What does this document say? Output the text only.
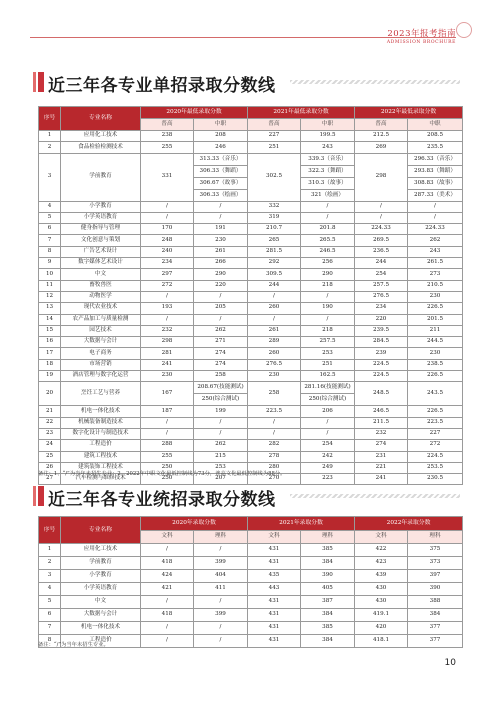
2023年报考指南
ADMISSION BROCHURE
近三年各专业单招录取分数线
序号	专业名称	2020年最低录取分数		2021年最低录取分数		2022年最低录取分数	
		普高	中职	普高	中职	普高	中职
1	应用化工技术	238	208	227	199.5	212.5	208.5
2	食品检验检测技术	255	246	251	243	269	235.5
3	学前教育	331	313.33（音乐）
306.33（舞蹈）
306.67（故事）
306.33（绘画）	302.5	339.3（音乐）
322.3（舞蹈）
310.3（故事）
321（绘画）	298	296.33（音乐）
293.83（舞蹈）
308.83（故事）
287.33（美术）

4	小学教育	/	/	332	/	/	/
5	小学英语教育	/	/	319	/	/	/
6	健身指导与管理	170	191	210.7	201.8	224.33	224.33
7	文化创意与策划	248	230	265	265.5	269.5	262
8	广告艺术设计	240	261	281.5	246.5	236.5	243
9	数字媒体艺术设计	234	266	292	256	244	261.5
10	中文	297	290	309.5	290	254	273
11	畜牧兽医	272	220	244	218	257.5	210.5
12	动物医学	/	/	/	/	276.5	230
13	现代农业技术	193	205	260	190	234	226.5
14	农产品加工与质量检测	/	/	/	/	220	201.5
15	园艺技术	232	262	261	218	239.5	211
16	大数据与会计	298	271	289	257.5	284.5	244.5
17	电子商务	281	274	260	253	239	230
18	市场营销	241	274	276.5	251	224.5	238.5
19	酒店管理与数字化运营	230	258	230	162.5	224.5	226.5
20	烹饪工艺与营养	167	208.67(技能测试)
250(综合测试)	258	281.16(技能测试)
250(综合测试)	248.5	243.5
21	机电一体化技术	187	199	223.5	206	246.5	226.5
22	机械装备制造技术	/	/	/	/	211.5	223.5
23	数字化设计与制造技术	/	/	/	/	232	227
24	工程造价	288	262	282	254	274	272
25	建筑工程技术	255	215	278	242	231	224.5
26	建筑装饰工程技术	250	253	280	249	221	253.5
27	汽车检测与维修技术	250	207	270	223	241	230.5
备注：1、“/”为当年未招生专业；2、2022年中职文化最低控制线为73分，普高文化最低控制线为88分。
近三年各专业统招录取分数线
序号	专业名称	2020年录取分数		2021年录取分数		2022年录取分数	
		文科	理科	文科	理科	文科	理科
1	应用化工技术	/	/	431	385	422	375
2	学前教育	418	399	431	384	423	373
3	小学教育	424	404	435	390	439	397
4	小学英语教育	421	411	443	405	430	390
5	中文	/	/	431	387	430	388
6	大数据与会计	418	399	431	384	419.1	384
7	机电一体化技术	/	/	431	385	420	377
8	工程造价	/	/	431	384	418.1	377
备注：“/”为当年未招生专业。
10
